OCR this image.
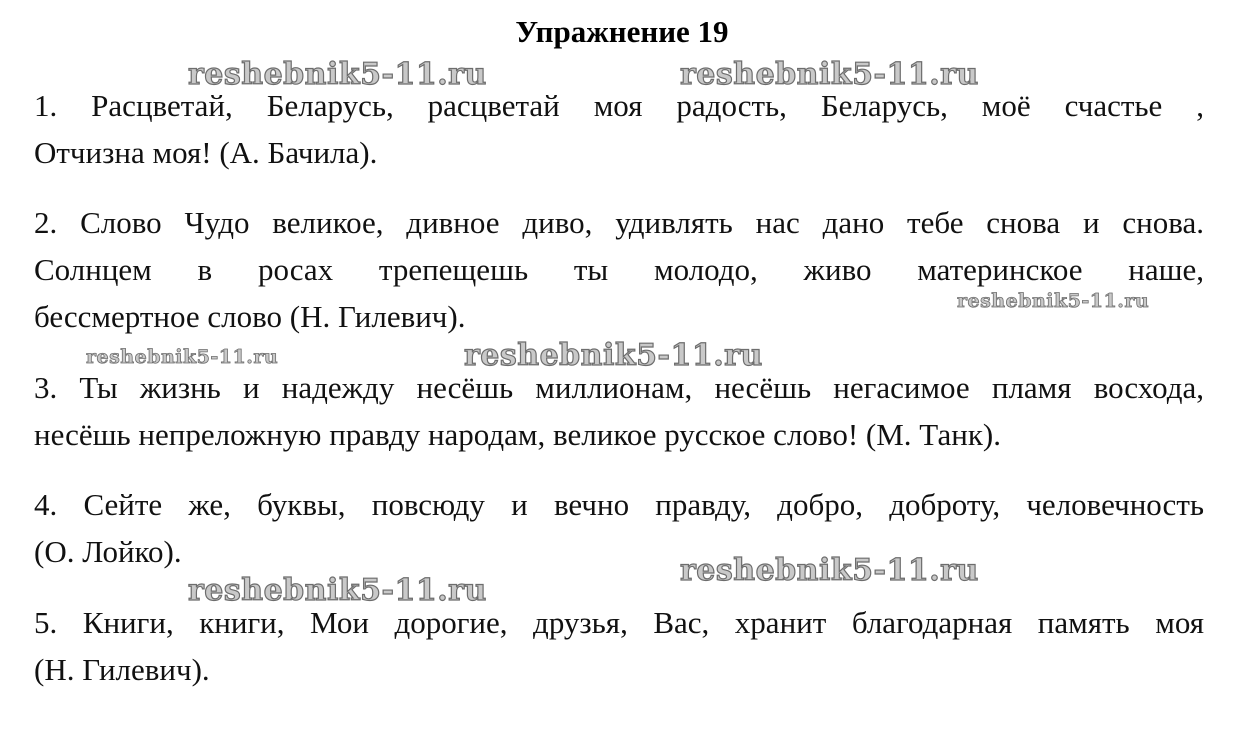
Упражнение 19
reshebnik5-11.ru	reshebnik5-11.ru
reshebnik5-11.ru
reshebnik5-11.ru	reshebnik5-11.ru
reshebnik5-11.ru
reshebnik5-11.ru
1. Расцветай, Беларусь, расцветай моя радость, Беларусь, моё счастье ,
Отчизна моя! (А. Бачила).
2. Слово Чудо великое, дивное диво, удивлять нас дано тебе снова и снова.
Солнцем в росах трепещешь ты молодо, живо материнское наше,
бессмертное слово (Н. Гилевич).
3. Ты жизнь и надежду несёшь миллионам, несёшь негасимое пламя восхода,
несёшь непреложную правду народам, великое русское слово! (М. Танк).
4. Сейте же, буквы, повсюду и вечно правду, добро, доброту, человечность
(О. Лойко).
5. Книги, книги, Мои дорогие, друзья, Вас, хранит благодарная память моя
(Н. Гилевич).
